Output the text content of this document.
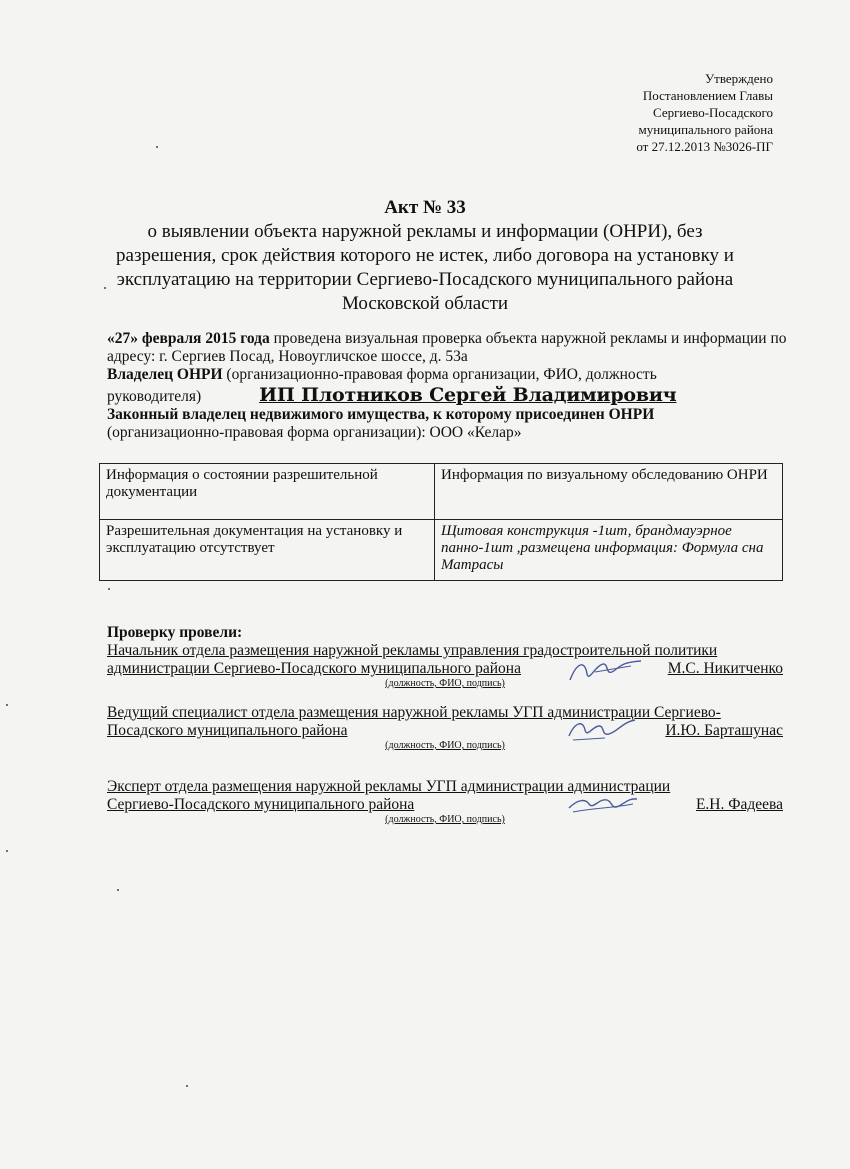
Утверждено
Постановлением Главы
Сергиево-Посадского
муниципального района
от 27.12.2013 №3026-ПГ
Акт № 33
о выявлении объекта наружной рекламы и информации (ОНРИ), без
разрешения, срок действия которого не истек, либо договора на установку и
эксплуатацию на территории Сергиево-Посадского муниципального района
Московской области
«27» февраля 2015 года проведена визуальная проверка объекта наружной рекламы и информации по адресу: г. Сергиев Посад, Новоугличское шоссе, д. 53а
Владелец ОНРИ (организационно-правовая форма организации, ФИО, должность
руководителя)	ИП Плотников Сергей Владимирович
Законный владелец недвижимого имущества, к которому присоединен ОНРИ
(организационно-правовая форма организации): ООО «Келар»
Информация о состоянии разрешительной документации	Информация по визуальному обследованию ОНРИ
Разрешительная документация на установку и эксплуатацию отсутствует	Щитовая конструкция -1шт, брандмауэрное панно-1шт ,размещена информация: Формула сна Матрасы
Проверку провели:
Начальник отдела размещения наружной рекламы управления градостроительной политики
администрации Сергиево-Посадского муниципального района	М.С. Никитченко
(должность, ФИО, подпись)
Ведущий специалист отдела размещения наружной рекламы УГП администрации Сергиево-
Посадского муниципального района	И.Ю. Барташунас
(должность, ФИО, подпись)
Эксперт отдела размещения наружной рекламы УГП администрации администрации
Сергиево-Посадского муниципального района	Е.Н. Фадеева
(должность, ФИО, подпись)
